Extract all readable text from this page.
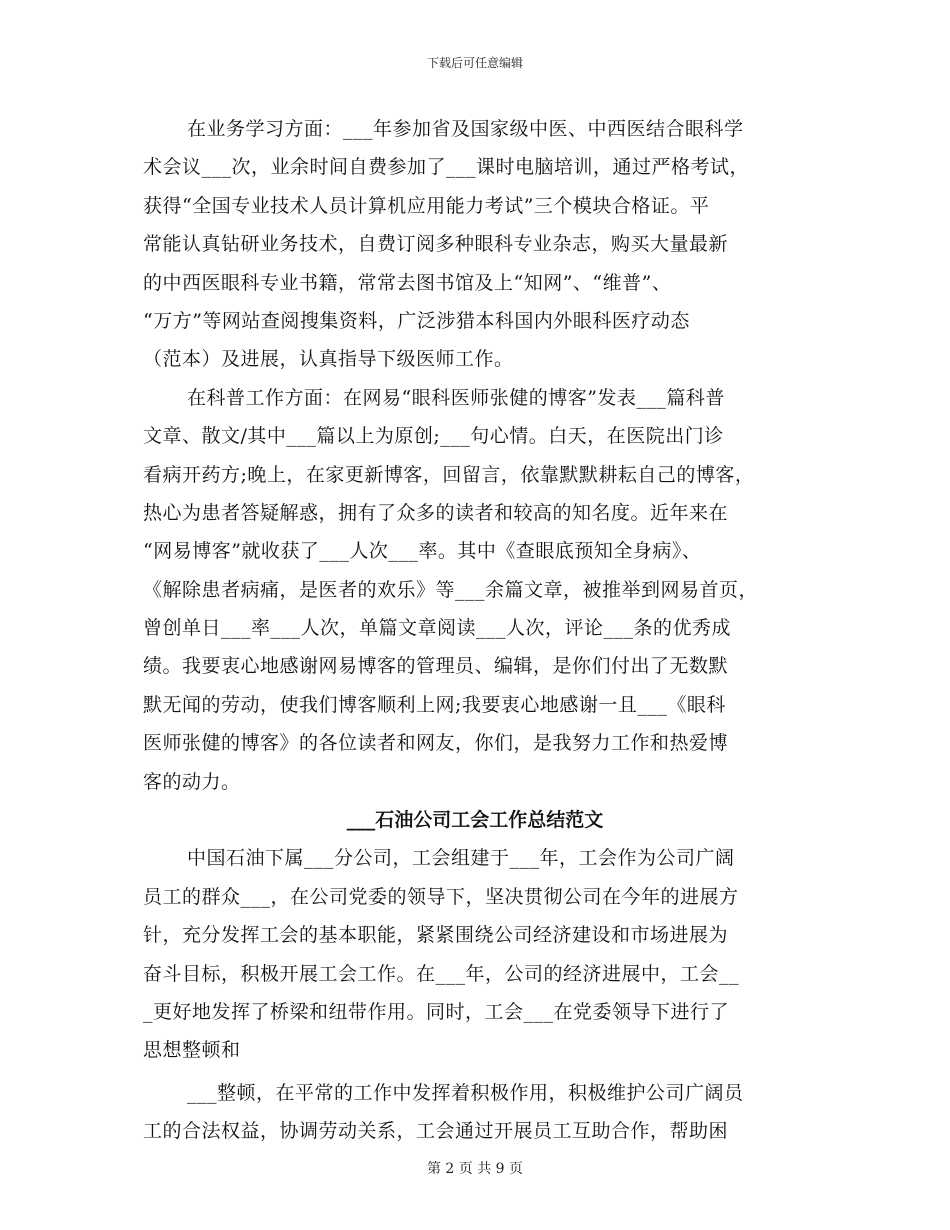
下载后可任意编辑
在业务学习方面：___年参加省及国家级中医、中西医结合眼科学
术会议___次，业余时间自费参加了___课时电脑培训，通过严格考试，
获得“全国专业技术人员计算机应用能力考试”三个模块合格证。平
常能认真钻研业务技术，自费订阅多种眼科专业杂志，购买大量最新
的中西医眼科专业书籍，常常去图书馆及上“知网”、“维普”、
“万方”等网站查阅搜集资料，广泛涉猎本科国内外眼科医疗动态
（范本）及进展，认真指导下级医师工作。
在科普工作方面：在网易“眼科医师张健的博客”发表___篇科普
文章、散文/其中___篇以上为原创;___句心情。白天，在医院出门诊
看病开药方;晚上，在家更新博客，回留言，依靠默默耕耘自己的博客，
热心为患者答疑解惑，拥有了众多的读者和较高的知名度。近年来在
“网易博客”就收获了___人次___率。其中《查眼底预知全身病》、
《解除患者病痛，是医者的欢乐》等___余篇文章，被推举到网易首页，
曾创单日___率___人次，单篇文章阅读___人次，评论___条的优秀成
绩。我要衷心地感谢网易博客的管理员、编辑，是你们付出了无数默
默无闻的劳动，使我们博客顺利上网;我要衷心地感谢一且___《眼科
医师张健的博客》的各位读者和网友，你们，是我努力工作和热爱博
客的动力。
___石油公司工会工作总结范文
中国石油下属___分公司，工会组建于___年，工会作为公司广阔
员工的群众___，在公司党委的领导下，坚决贯彻公司在今年的进展方
针，充分发挥工会的基本职能，紧紧围绕公司经济建设和市场进展为
奋斗目标，积极开展工会工作。在___年，公司的经济进展中，工会__
_更好地发挥了桥梁和纽带作用。同时，工会___在党委领导下进行了
思想整顿和
___整顿，在平常的工作中发挥着积极作用，积极维护公司广阔员
工的合法权益，协调劳动关系，工会通过开展员工互助合作，帮助困
第 2 页 共 9 页
